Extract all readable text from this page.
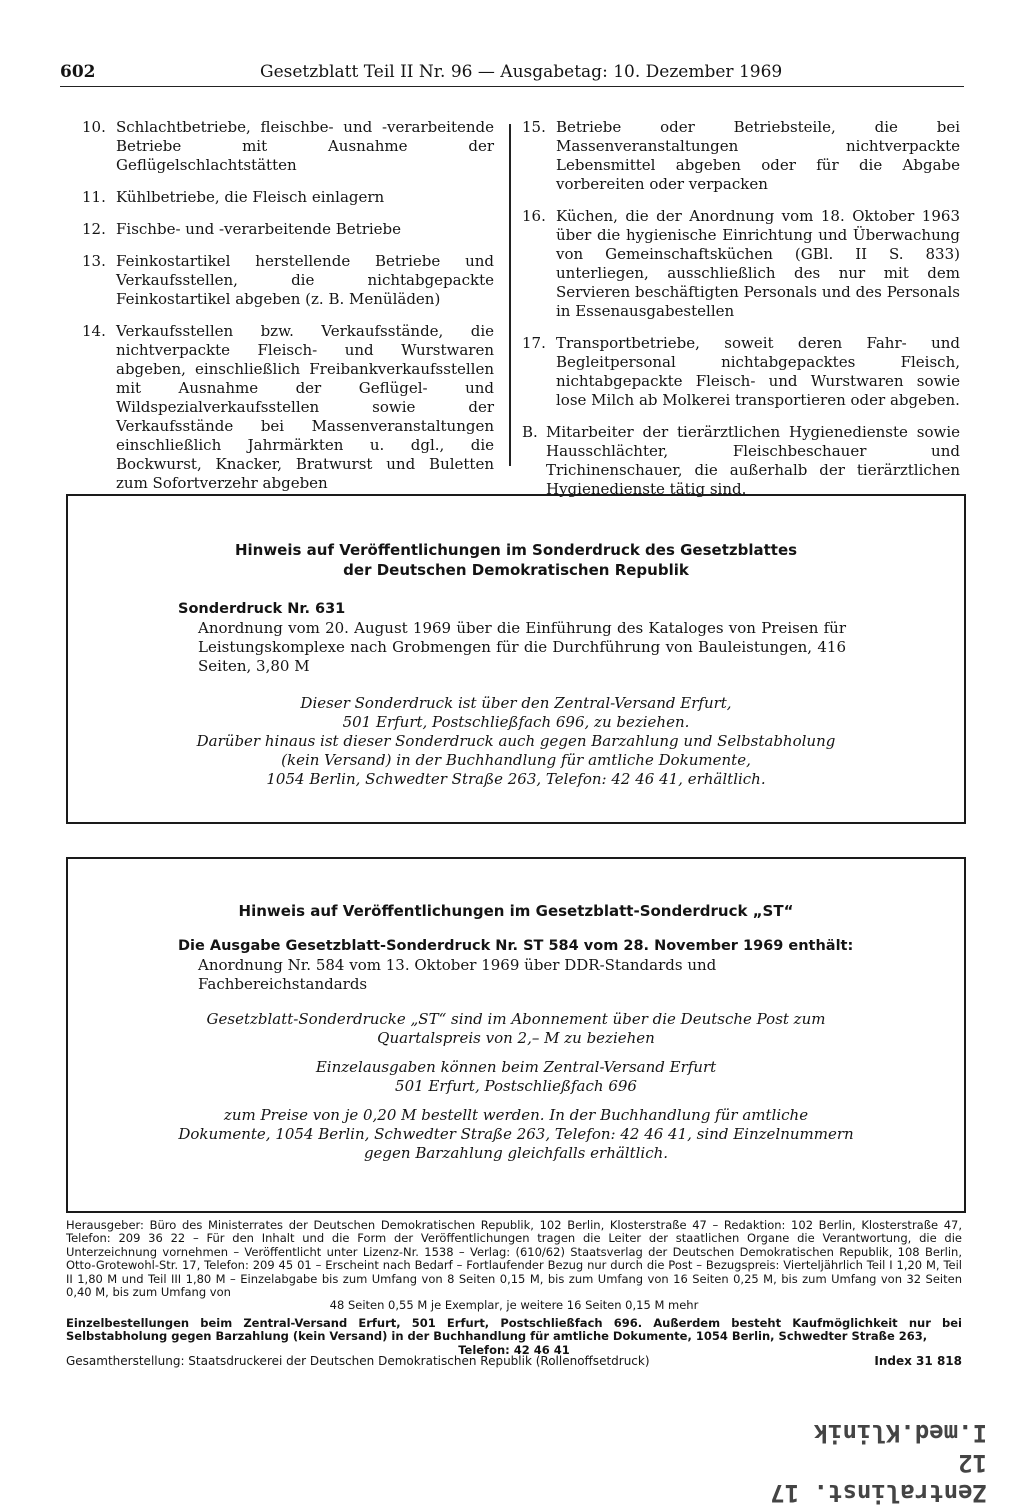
602	Gesetzblatt Teil II Nr. 96 — Ausgabetag: 10. Dezember 1969
10. Schlachtbetriebe, fleischbe- und -verarbeitende Betriebe mit Ausnahme der Geflügelschlachtstätten
11. Kühlbetriebe, die Fleisch einlagern
12. Fischbe- und -verarbeitende Betriebe
13. Feinkostartikel herstellende Betriebe und Verkaufsstellen, die nichtabgepackte Feinkostartikel abgeben (z. B. Menüläden)
14. Verkaufsstellen bzw. Verkaufsstände, die nichtverpackte Fleisch- und Wurstwaren abgeben, einschließlich Freibankverkaufsstellen mit Ausnahme der Geflügel- und Wildspezialverkaufsstellen sowie der Verkaufsstände bei Massenveranstaltungen einschließlich Jahrmärkten u. dgl., die Bockwurst, Knacker, Bratwurst und Buletten zum Sofortverzehr abgeben
15. Betriebe oder Betriebsteile, die bei Massenveranstaltungen nichtverpackte Lebensmittel abgeben oder für die Abgabe vorbereiten oder verpacken
16. Küchen, die der Anordnung vom 18. Oktober 1963 über die hygienische Einrichtung und Überwachung von Gemeinschaftsküchen (GBl. II S. 833) unterliegen, ausschließlich des nur mit dem Servieren beschäftigten Personals und des Personals in Essenausgabestellen
17. Transportbetriebe, soweit deren Fahr- und Begleitpersonal nichtabgepacktes Fleisch, nichtabgepackte Fleisch- und Wurstwaren sowie lose Milch ab Molkerei transportieren oder abgeben.
B. Mitarbeiter der tierärztlichen Hygienedienste sowie Hausschlächter, Fleischbeschauer und Trichinenschauer, die außerhalb der tierärztlichen Hygienedienste tätig sind.
Hinweis auf Veröffentlichungen im Sonderdruck des Gesetzblattes
der Deutschen Demokratischen Republik
Sonderdruck Nr. 631
Anordnung vom 20. August 1969 über die Einführung des Kataloges von Preisen für Leistungskomplexe nach Grobmengen für die Durchführung von Bauleistungen, 416 Seiten, 3,80 M
Dieser Sonderdruck ist über den Zentral-Versand Erfurt,
501 Erfurt, Postschließfach 696, zu beziehen.
Darüber hinaus ist dieser Sonderdruck auch gegen Barzahlung und Selbstabholung
(kein Versand) in der Buchhandlung für amtliche Dokumente,
1054 Berlin, Schwedter Straße 263, Telefon: 42 46 41, erhältlich.
Hinweis auf Veröffentlichungen im Gesetzblatt-Sonderdruck „ST“
Die Ausgabe Gesetzblatt-Sonderdruck Nr. ST 584 vom 28. November 1969 enthält:
Anordnung Nr. 584 vom 13. Oktober 1969 über DDR-Standards und Fachbereichstandards
Gesetzblatt-Sonderdrucke „ST“ sind im Abonnement über die Deutsche Post zum
Quartalspreis von 2,– M zu beziehen
Einzelausgaben können beim Zentral-Versand Erfurt
501 Erfurt, Postschließfach 696
zum Preise von je 0,20 M bestellt werden. In der Buchhandlung für amtliche
Dokumente, 1054 Berlin, Schwedter Straße 263, Telefon: 42 46 41, sind Einzelnummern
gegen Barzahlung gleichfalls erhältlich.
Herausgeber: Büro des Ministerrates der Deutschen Demokratischen Republik, 102 Berlin, Klosterstraße 47 – Redaktion: 102 Berlin, Klosterstraße 47, Telefon: 209 36 22 – Für den Inhalt und die Form der Veröffentlichungen tragen die Leiter der staatlichen Organe die Verantwortung, die die Unterzeichnung vornehmen – Veröffentlicht unter Lizenz-Nr. 1538 – Verlag: (610/62) Staatsverlag der Deutschen Demokratischen Republik, 108 Berlin, Otto-Grotewohl-Str. 17, Telefon: 209 45 01 – Erscheint nach Bedarf – Fortlaufender Bezug nur durch die Post – Bezugspreis: Vierteljährlich Teil I 1,20 M, Teil II 1,80 M und Teil III 1,80 M – Einzelabgabe bis zum Umfang von 8 Seiten 0,15 M, bis zum Umfang von 16 Seiten 0,25 M, bis zum Umfang von 32 Seiten 0,40 M, bis zum Umfang von
48 Seiten 0,55 M je Exemplar, je weitere 16 Seiten 0,15 M mehr
Einzelbestellungen beim Zentral-Versand Erfurt, 501 Erfurt, Postschließfach 696. Außerdem besteht Kaufmöglichkeit nur bei Selbstabholung gegen Barzahlung (kein Versand) in der Buchhandlung für amtliche Dokumente, 1054 Berlin, Schwedter Straße 263,
Telefon: 42 46 41
Gesamtherstellung: Staatsdruckerei der Deutschen Demokratischen Republik (Rollenoffsetdruck)	Index 31 818
Zentralinst. 17 12
I.med.Klinik
